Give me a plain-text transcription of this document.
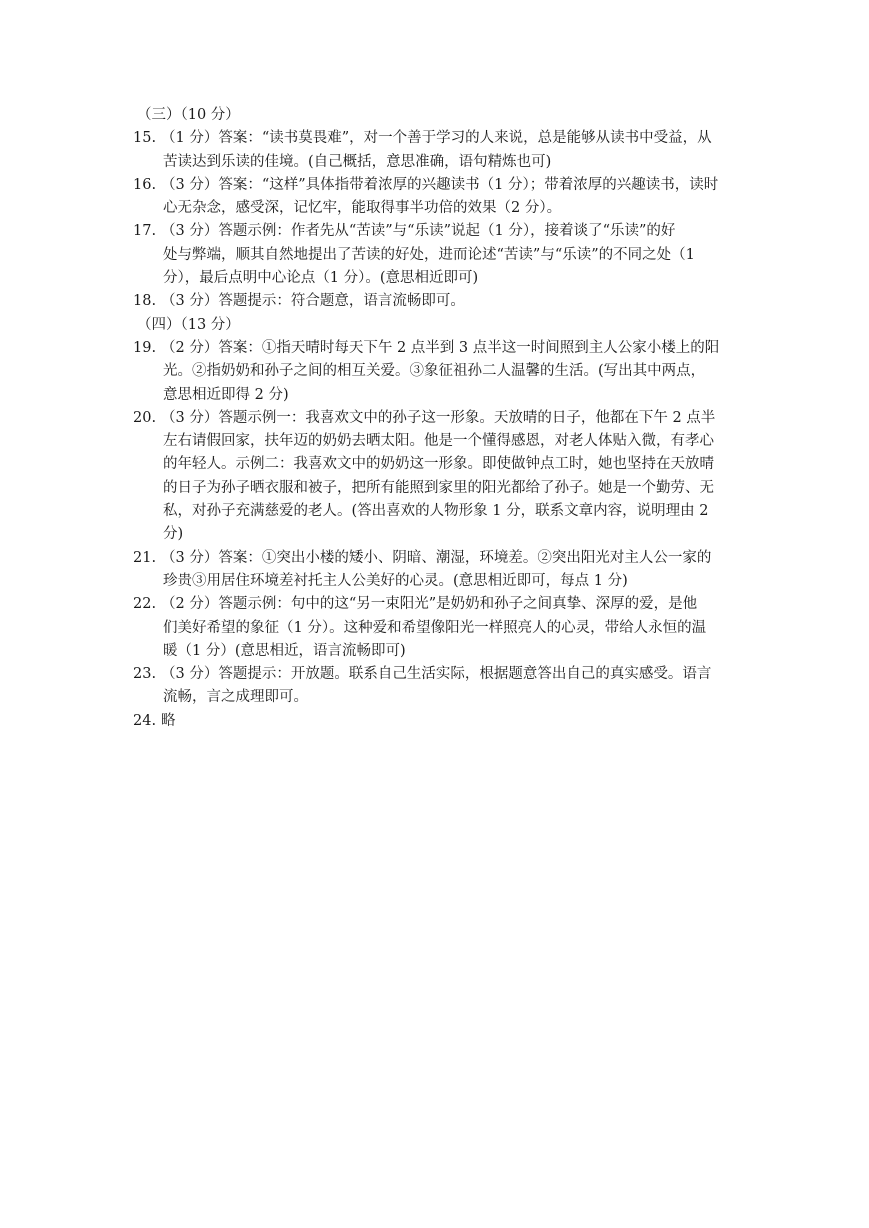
（三）（10 分）
15. （1 分）答案：“读书莫畏难”，对一个善于学习的人来说，总是能够从读书中受益，从
苦读达到乐读的佳境。(自己概括，意思准确，语句精炼也可)
16. （3 分）答案：“这样”具体指带着浓厚的兴趣读书（1 分）；带着浓厚的兴趣读书，读时
心无杂念，感受深，记忆牢，能取得事半功倍的效果（2 分）。
17. （3 分）答题示例：作者先从“苦读”与“乐读”说起（1 分），接着谈了“乐读”的好
处与弊端，顺其自然地提出了苦读的好处，进而论述“苦读”与“乐读”的不同之处（1
分），最后点明中心论点（1 分）。(意思相近即可)
18. （3 分）答题提示：符合题意，语言流畅即可。
（四）（13 分）
19. （2 分）答案：①指天晴时每天下午 2 点半到 3 点半这一时间照到主人公家小楼上的阳
光。②指奶奶和孙子之间的相互关爱。③象征祖孙二人温馨的生活。(写出其中两点，
意思相近即得 2 分)
20. （3 分）答题示例一：我喜欢文中的孙子这一形象。天放晴的日子，他都在下午 2 点半
左右请假回家，扶年迈的奶奶去晒太阳。他是一个懂得感恩，对老人体贴入微，有孝心
的年轻人。示例二：我喜欢文中的奶奶这一形象。即使做钟点工时，她也坚持在天放晴
的日子为孙子晒衣服和被子，把所有能照到家里的阳光都给了孙子。她是一个勤劳、无
私，对孙子充满慈爱的老人。(答出喜欢的人物形象 1 分，联系文章内容，说明理由 2
分)
21. （3 分）答案：①突出小楼的矮小、阴暗、潮湿，环境差。②突出阳光对主人公一家的
珍贵③用居住环境差衬托主人公美好的心灵。(意思相近即可，每点 1 分)
22. （2 分）答题示例：句中的这“另一束阳光”是奶奶和孙子之间真挚、深厚的爱，是他
们美好希望的象征（1 分）。这种爱和希望像阳光一样照亮人的心灵，带给人永恒的温
暖（1 分）(意思相近，语言流畅即可)
23. （3 分）答题提示：开放题。联系自己生活实际，根据题意答出自己的真实感受。语言
流畅，言之成理即可。
24. 略
